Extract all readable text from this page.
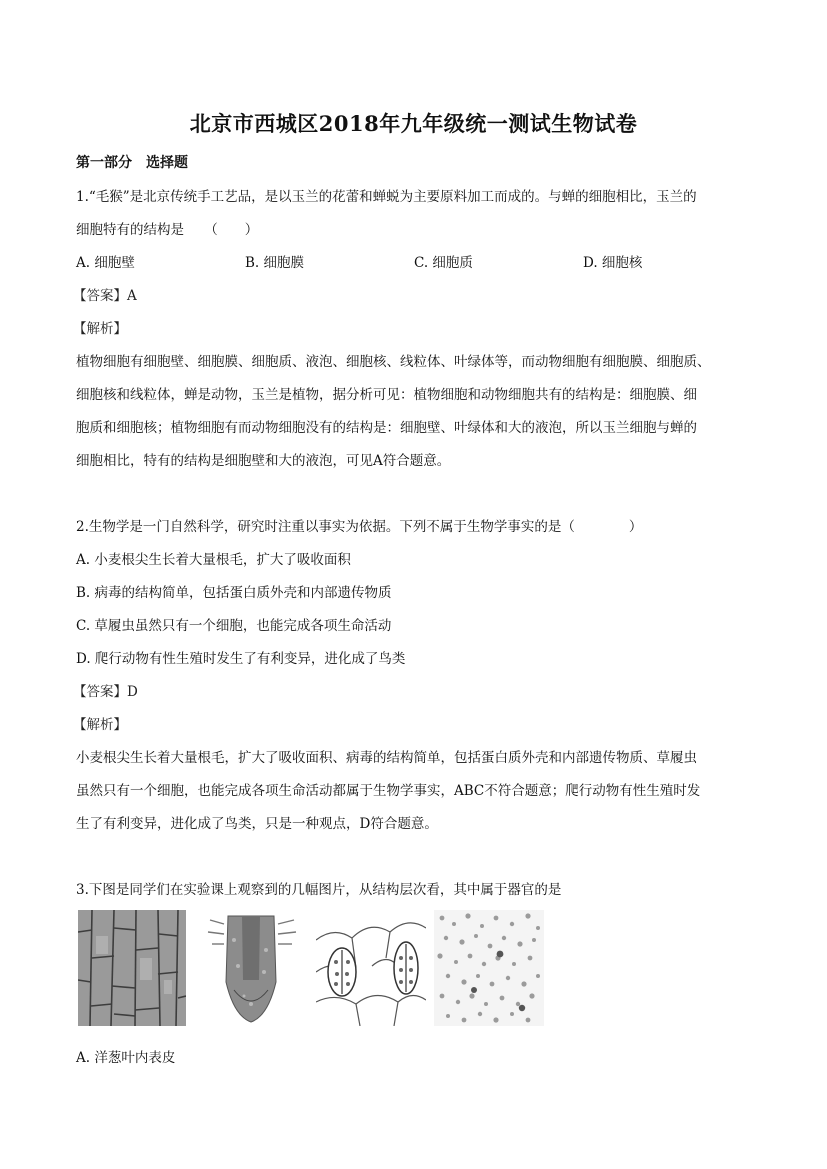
北京市西城区2018年九年级统一测试生物试卷
第一部分　选择题
1.“毛猴”是北京传统手工艺品，是以玉兰的花蕾和蝉蜕为主要原料加工而成的。与蝉的细胞相比，玉兰的
细胞特有的结构是　　（　　）
A. 细胞壁	B. 细胞膜	C. 细胞质	D. 细胞核
【答案】A
【解析】
植物细胞有细胞壁、细胞膜、细胞质、液泡、细胞核、线粒体、叶绿体等，而动物细胞有细胞膜、细胞质、
细胞核和线粒体，蝉是动物，玉兰是植物，据分析可见：植物细胞和动物细胞共有的结构是：细胞膜、细
胞质和细胞核；植物细胞有而动物细胞没有的结构是：细胞壁、叶绿体和大的液泡，所以玉兰细胞与蝉的
细胞相比，特有的结构是细胞壁和大的液泡，可见A符合题意。
2.生物学是一门自然科学，研究时注重以事实为依据。下列不属于生物学事实的是（　　　　）
A. 小麦根尖生长着大量根毛，扩大了吸收面积
B. 病毒的结构简单，包括蛋白质外壳和内部遗传物质
C. 草履虫虽然只有一个细胞，也能完成各项生命活动
D. 爬行动物有性生殖时发生了有利变异，进化成了鸟类
【答案】D
【解析】
小麦根尖生长着大量根毛，扩大了吸收面积、病毒的结构简单，包括蛋白质外壳和内部遗传物质、草履虫
虽然只有一个细胞，也能完成各项生命活动都属于生物学事实，ABC不符合题意；爬行动物有性生殖时发
生了有利变异，进化成了鸟类，只是一种观点，D符合题意。
3.下图是同学们在实验课上观察到的几幅图片，从结构层次看，其中属于器官的是
A. 洋葱叶内表皮
